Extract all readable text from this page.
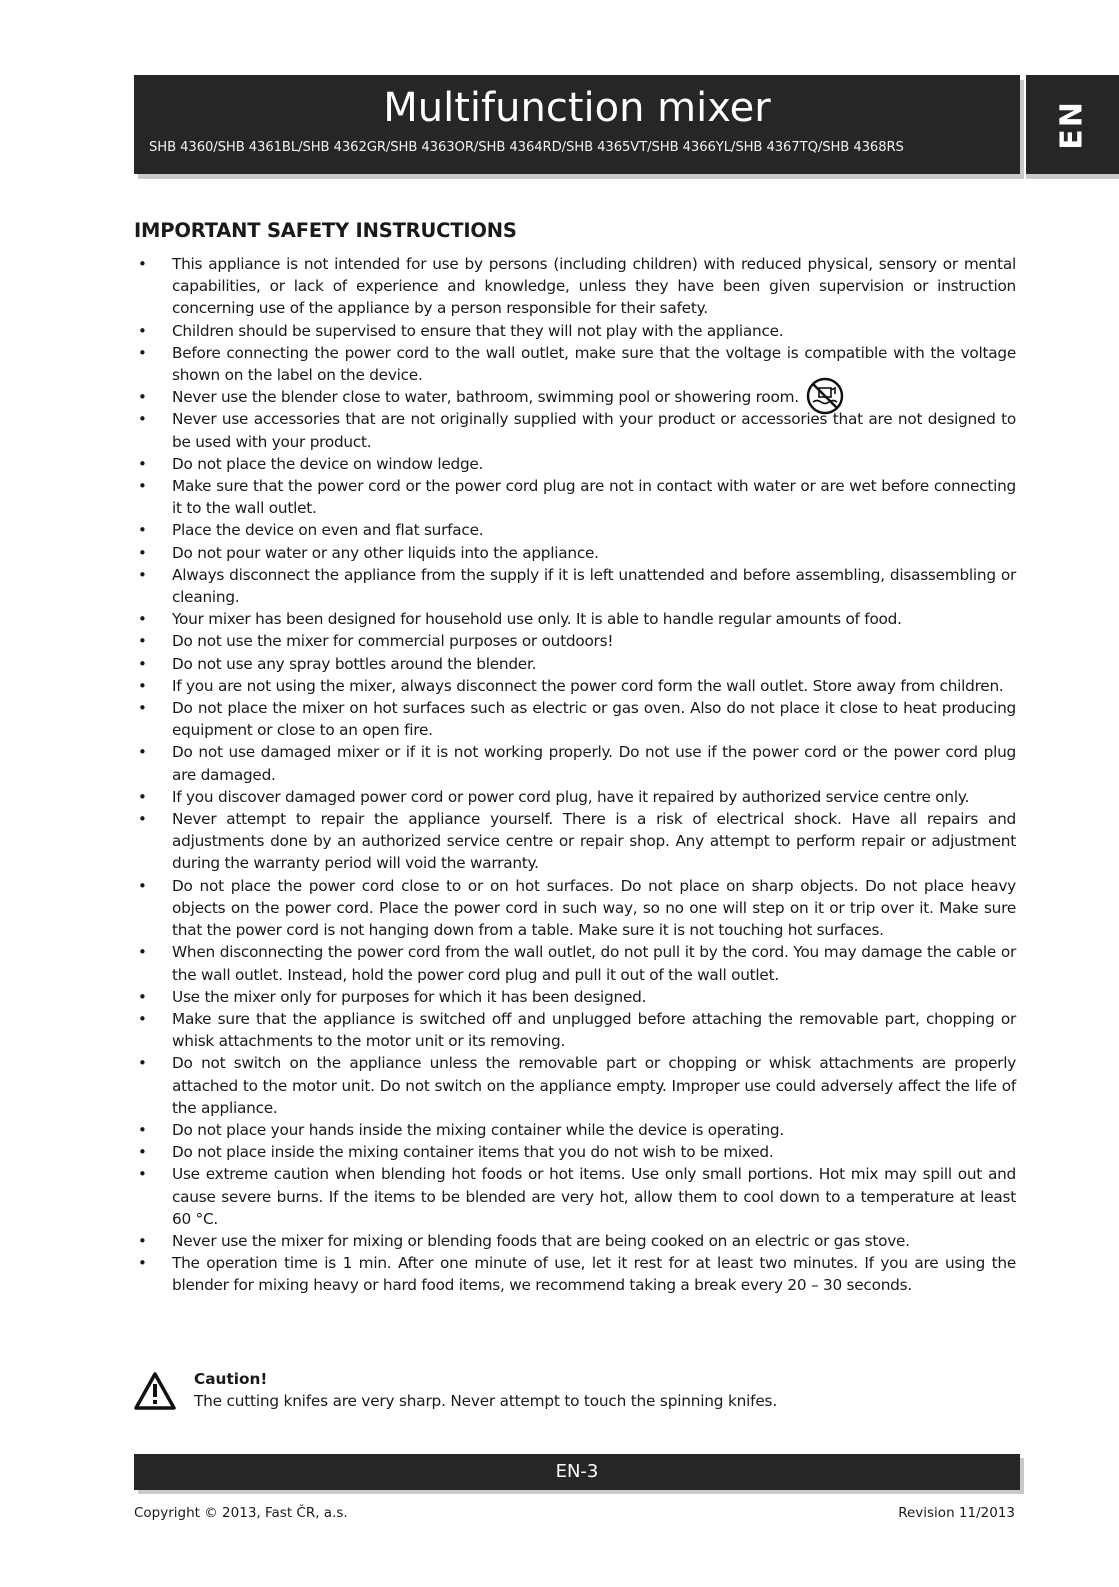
Multifunction mixer
SHB 4360/SHB 4361BL/SHB 4362GR/SHB 4363OR/SHB 4364RD/SHB 4365VT/SHB 4366YL/SHB 4367TQ/SHB 4368RS	EN
IMPORTANT SAFETY INSTRUCTIONS
• This appliance is not intended for use by persons (including children) with reduced physical, sensory or mental capabilities, or lack of experience and knowledge, unless they have been given supervision or instruction concerning use of the appliance by a person responsible for their safety.
• Children should be supervised to ensure that they will not play with the appliance.
• Before connecting the power cord to the wall outlet, make sure that the voltage is compatible with the voltage shown on the label on the device.
• Never use the blender close to water, bathroom, swimming pool or showering room.
• Never use accessories that are not originally supplied with your product or accessories that are not designed to be used with your product.
• Do not place the device on window ledge.
• Make sure that the power cord or the power cord plug are not in contact with water or are wet before connecting it to the wall outlet.
• Place the device on even and flat surface.
• Do not pour water or any other liquids into the appliance.
• Always disconnect the appliance from the supply if it is left unattended and before assembling, disassembling or cleaning.
• Your mixer has been designed for household use only. It is able to handle regular amounts of food.
• Do not use the mixer for commercial purposes or outdoors!
• Do not use any spray bottles around the blender.
• If you are not using the mixer, always disconnect the power cord form the wall outlet. Store away from children.
• Do not place the mixer on hot surfaces such as electric or gas oven. Also do not place it close to heat producing equipment or close to an open fire.
• Do not use damaged mixer or if it is not working properly. Do not use if the power cord or the power cord plug are damaged.
• If you discover damaged power cord or power cord plug, have it repaired by authorized service centre only.
• Never attempt to repair the appliance yourself. There is a risk of electrical shock. Have all repairs and adjustments done by an authorized service centre or repair shop. Any attempt to perform repair or adjustment during the warranty period will void the warranty.
• Do not place the power cord close to or on hot surfaces. Do not place on sharp objects. Do not place heavy objects on the power cord. Place the power cord in such way, so no one will step on it or trip over it. Make sure that the power cord is not hanging down from a table. Make sure it is not touching hot surfaces.
• When disconnecting the power cord from the wall outlet, do not pull it by the cord. You may damage the cable or the wall outlet. Instead, hold the power cord plug and pull it out of the wall outlet.
• Use the mixer only for purposes for which it has been designed.
• Make sure that the appliance is switched off and unplugged before attaching the removable part, chopping or whisk attachments to the motor unit or its removing.
• Do not switch on the appliance unless the removable part or chopping or whisk attachments are properly attached to the motor unit. Do not switch on the appliance empty. Improper use could adversely affect the life of the appliance.
• Do not place your hands inside the mixing container while the device is operating.
• Do not place inside the mixing container items that you do not wish to be mixed.
• Use extreme caution when blending hot foods or hot items. Use only small portions. Hot mix may spill out and cause severe burns. If the items to be blended are very hot, allow them to cool down to a temperature at least 60 °C.
• Never use the mixer for mixing or blending foods that are being cooked on an electric or gas stove.
• The operation time is 1 min. After one minute of use, let it rest for at least two minutes. If you are using the blender for mixing heavy or hard food items, we recommend taking a break every 20 – 30 seconds.
Caution!
The cutting knifes are very sharp. Never attempt to touch the spinning knifes.
EN-3
Copyright © 2013, Fast ČR, a.s.	Revision 11/2013
